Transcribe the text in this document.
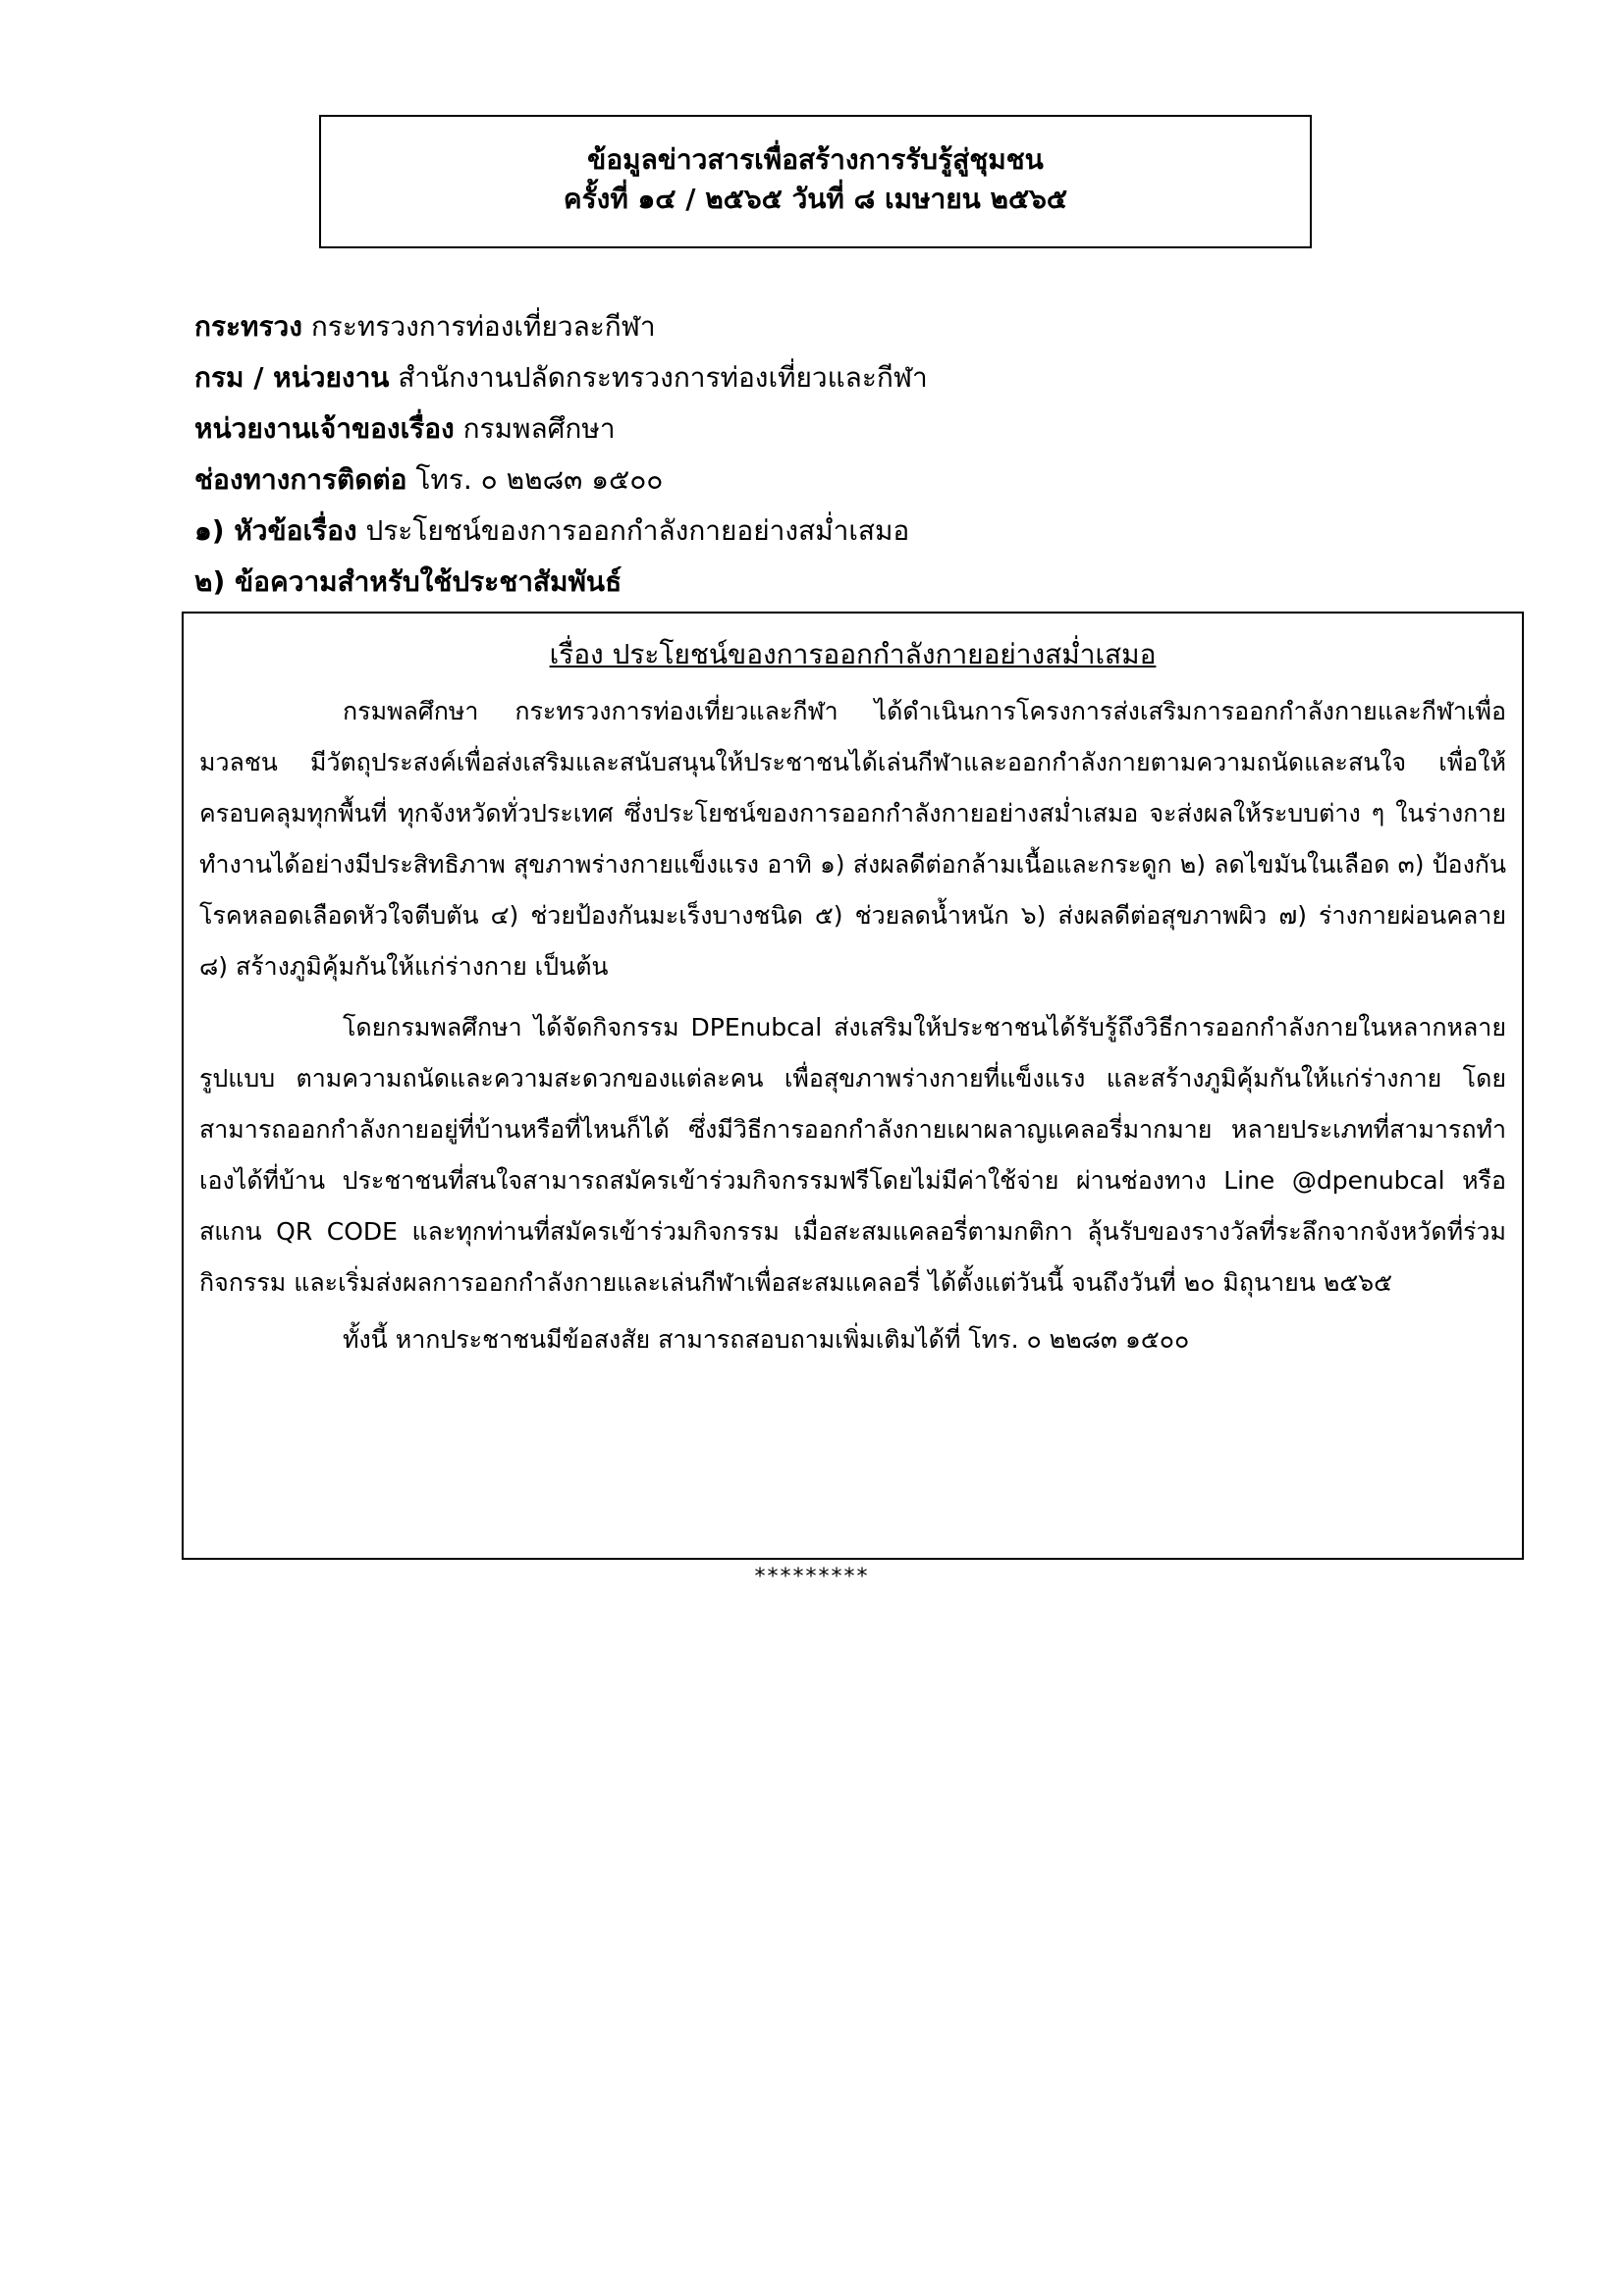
ข้อมูลข่าวสารเพื่อสร้างการรับรู้สู่ชุมชน
ครั้งที่ ๑๔ / ๒๕๖๕ วันที่ ๘ เมษายน ๒๕๖๕
กระทรวง กระทรวงการท่องเที่ยวละกีฬา
กรม / หน่วยงาน สำนักงานปลัดกระทรวงการท่องเที่ยวและกีฬา
หน่วยงานเจ้าของเรื่อง กรมพลศึกษา
ช่องทางการติดต่อ โทร. ๐ ๒๒๘๓ ๑๕๐๐
๑) หัวข้อเรื่อง ประโยชน์ของการออกกำลังกายอย่างสม่ำเสมอ
๒) ข้อความสำหรับใช้ประชาสัมพันธ์
เรื่อง ประโยชน์ของการออกกำลังกายอย่างสม่ำเสมอ

กรมพลศึกษา กระทรวงการท่องเที่ยวและกีฬา ได้ดำเนินการโครงการส่งเสริมการออกกำลังกายและกีฬาเพื่อมวลชน มีวัตถุประสงค์เพื่อส่งเสริมและสนับสนุนให้ประชาชนได้เล่นกีฬาและออกกำลังกายตามความถนัดและสนใจ เพื่อให้ครอบคลุมทุกพื้นที่ ทุกจังหวัดทั่วประเทศ ซึ่งประโยชน์ของการออกกำลังกายอย่างสม่ำเสมอ จะส่งผลให้ระบบต่าง ๆ ในร่างกาย ทำงานได้อย่างมีประสิทธิภาพ สุขภาพร่างกายแข็งแรง อาทิ ๑) ส่งผลดีต่อกล้ามเนื้อและกระดูก ๒) ลดไขมันในเลือด ๓) ป้องกันโรคหลอดเลือดหัวใจตีบตัน ๔) ช่วยป้องกันมะเร็งบางชนิด ๕) ช่วยลดน้ำหนัก ๖) ส่งผลดีต่อสุขภาพผิว ๗) ร่างกายผ่อนคลาย ๘) สร้างภูมิคุ้มกันให้แก่ร่างกาย เป็นต้น

โดยกรมพลศึกษา ได้จัดกิจกรรม DPEnubcal ส่งเสริมให้ประชาชนได้รับรู้ถึงวิธีการออกกำลังกายในหลากหลายรูปแบบ ตามความถนัดและความสะดวกของแต่ละคน เพื่อสุขภาพร่างกายที่แข็งแรง และสร้างภูมิคุ้มกันให้แก่ร่างกาย โดยสามารถออกกำลังกายอยู่ที่บ้านหรือที่ไหนก็ได้ ซึ่งมีวิธีการออกกำลังกายเผาผลาญแคลอรี่มากมาย หลายประเภทที่สามารถทำเองได้ที่บ้าน ประชาชนที่สนใจสามารถสมัครเข้าร่วมกิจกรรมฟรีโดยไม่มีค่าใช้จ่าย ผ่านช่องทาง Line @dpenubcal หรือสแกน QR CODE และทุกท่านที่สมัครเข้าร่วมกิจกรรม เมื่อสะสมแคลอรี่ตามกติกา ลุ้นรับของรางวัลที่ระลึกจากจังหวัดที่ร่วมกิจกรรม และเริ่มส่งผลการออกกำลังกายและเล่นกีฬาเพื่อสะสมแคลอรี่ ได้ตั้งแต่วันนี้ จนถึงวันที่ ๒๐ มิถุนายน ๒๕๖๕

ทั้งนี้ หากประชาชนมีข้อสงสัย สามารถสอบถามเพิ่มเติมได้ที่ โทร. ๐ ๒๒๘๓ ๑๕๐๐
*********
